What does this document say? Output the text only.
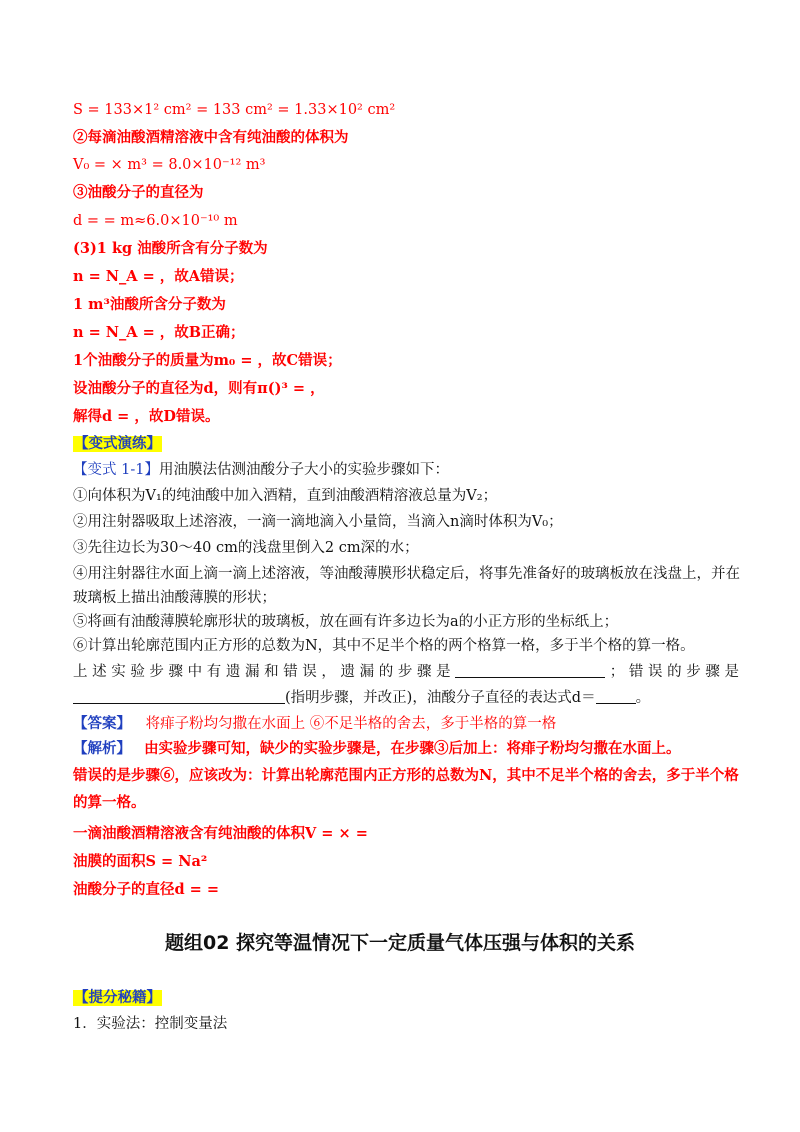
S = 133×1² cm² = 133 cm² = 1.33×10² cm²
②每滴油酸酒精溶液中含有纯油酸的体积为
V₀ = × m³ = 8.0×10⁻¹² m³
③油酸分子的直径为
d = = m≈6.0×10⁻¹⁰ m
(3)1 kg 油酸所含有分子数为
n = N_A = ，故A错误；
1 m³油酸所含分子数为
n = N_A = ，故B正确；
1个油酸分子的质量为m₀ = ，故C错误；
设油酸分子的直径为d，则有π()³ = ，
解得d = ，故D错误。
【变式演练】
【变式 1-1】用油膜法估测油酸分子大小的实验步骤如下：
①向体积为V₁的纯油酸中加入酒精，直到油酸酒精溶液总量为V₂；
②用注射器吸取上述溶液，一滴一滴地滴入小量筒，当滴入n滴时体积为V₀；
③先往边长为30～40 cm的浅盘里倒入2 cm深的水；
④用注射器往水面上滴一滴上述溶液，等油酸薄膜形状稳定后，将事先准备好的玻璃板放在浅盘上，并在
玻璃板上描出油酸薄膜的形状；
⑤将画有油酸薄膜轮廓形状的玻璃板，放在画有许多边长为a的小正方形的坐标纸上；
⑥计算出轮廓范围内正方形的总数为N，其中不足半个格的两个格算一格，多于半个格的算一格。
上 述 实 验 步 骤 中 有 遗 漏 和 错 误 ， 遗 漏 的 步 骤 是	； 错 误 的 步 骤 是
(指明步骤，并改正)，油酸分子直径的表达式d＝	。
【答案】 将痱子粉均匀撒在水面上 ⑥不足半格的舍去，多于半格的算一格
【解析】 由实验步骤可知，缺少的实验步骤是，在步骤③后加上：将痱子粉均匀撒在水面上。
错误的是步骤⑥，应该改为：计算出轮廓范围内正方形的总数为N，其中不足半个格的舍去，多于半个格
的算一格。
一滴油酸酒精溶液含有纯油酸的体积V = × =
油膜的面积S = Na²
油酸分子的直径d = =
题组02 探究等温情况下一定质量气体压强与体积的关系
【提分秘籍】
1．实验法：控制变量法
